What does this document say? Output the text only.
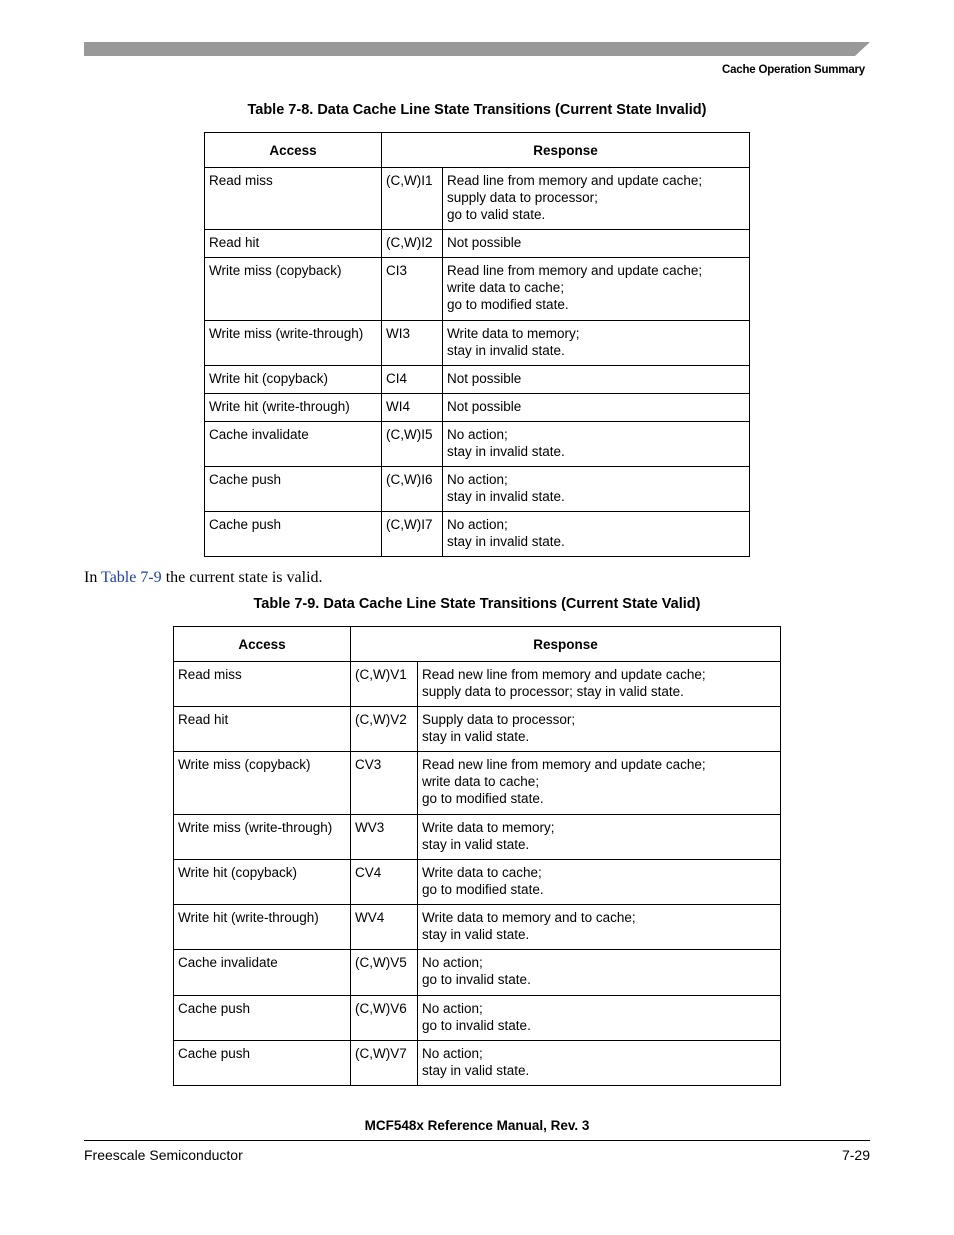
Cache Operation Summary
Table 7-8. Data Cache Line State Transitions (Current State Invalid)
Access	Response	
Read miss	(C,W)I1	Read line from memory and update cache;
supply data to processor;
go to valid state.

Read hit	(C,W)I2	Not possible

Write miss (copyback)	CI3	Read line from memory and update cache;
write data to cache;
go to modified state.

Write miss (write-through)	WI3	Write data to memory;
stay in invalid state.

Write hit (copyback)	CI4	Not possible

Write hit (write-through)	WI4	Not possible

Cache invalidate	(C,W)I5	No action;
stay in invalid state.

Cache push	(C,W)I6	No action;
stay in invalid state.

Cache push	(C,W)I7	No action;
stay in invalid state.
In Table 7-9 the current state is valid.
Table 7-9. Data Cache Line State Transitions (Current State Valid)
Access	Response	
Read miss	(C,W)V1	Read new line from memory and update cache;
supply data to processor; stay in valid state.

Read hit	(C,W)V2	Supply data to processor;
stay in valid state.

Write miss (copyback)	CV3	Read new line from memory and update cache;
write data to cache;
go to modified state.

Write miss (write-through)	WV3	Write data to memory;
stay in valid state.

Write hit (copyback)	CV4	Write data to cache;
go to modified state.

Write hit (write-through)	WV4	Write data to memory and to cache;
stay in valid state.

Cache invalidate	(C,W)V5	No action;
go to invalid state.

Cache push	(C,W)V6	No action;
go to invalid state.

Cache push	(C,W)V7	No action;
stay in valid state.
MCF548x Reference Manual, Rev. 3
Freescale Semiconductor	7-29
